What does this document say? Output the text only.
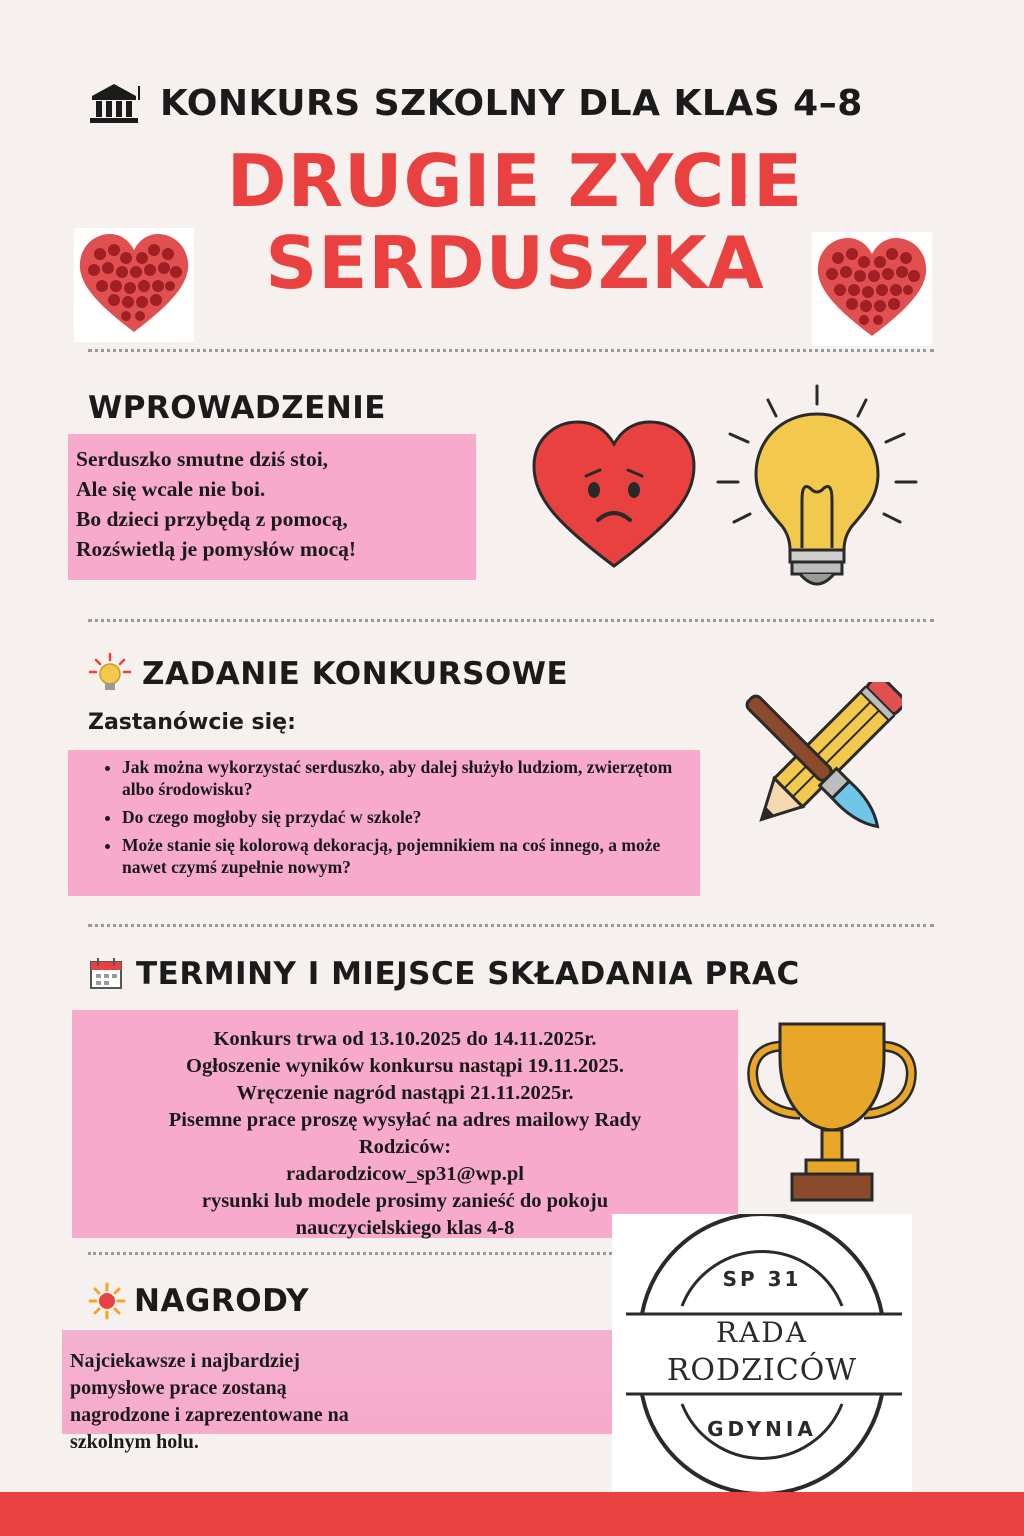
KONKURS SZKOLNY DLA KLAS 4–8
DRUGIE ZYCIE
SERDUSZKA
WPROWADZENIE
Serduszko smutne dziś stoi,
Ale się wcale nie boi.
Bo dzieci przybędą z pomocą,
Rozświetlą je pomysłów mocą!
ZADANIE KONKURSOWE
Zastanówcie się:
• Jak można wykorzystać serduszko, aby dalej służyło ludziom, zwierzętom albo środowisku?
• Do czego mogłoby się przydać w szkole?
• Może stanie się kolorową dekoracją, pojemnikiem na coś innego, a może nawet czymś zupełnie nowym?
TERMINY I MIEJSCE SKŁADANIA PRAC
Konkurs trwa od 13.10.2025 do 14.11.2025r.
Ogłoszenie wyników konkursu nastąpi 19.11.2025.
Wręczenie nagród nastąpi 21.11.2025r.
Pisemne prace proszę wysyłać na adres mailowy Rady
Rodziców:
radarodzicow_sp31@wp.pl
rysunki lub modele prosimy zanieść do pokoju
nauczycielskiego klas 4-8
NAGRODY
Najciekawsze i najbardziej
pomysłowe prace zostaną
nagrodzone i zaprezentowane na
szkolnym holu.
SP 31
RADA
RODZICÓW
GDYNIA
